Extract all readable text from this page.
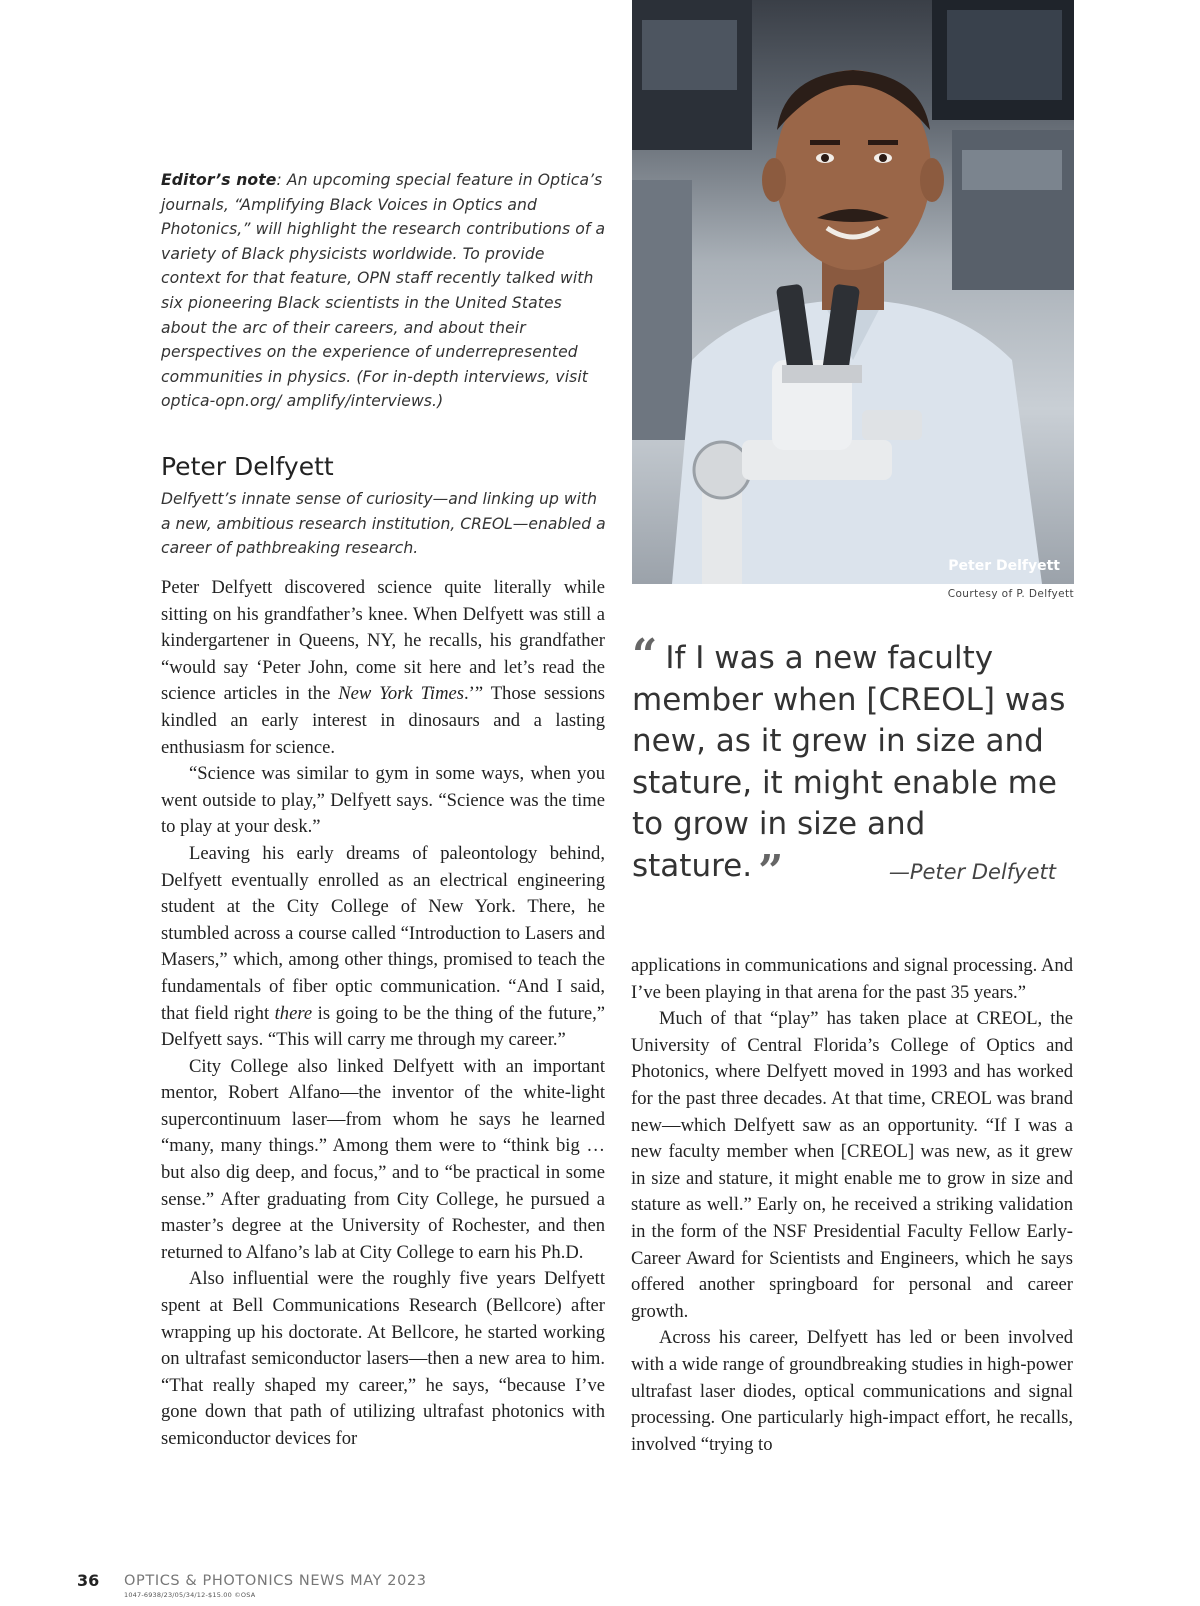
Editor’s note: An upcoming special feature in Optica’s journals, “Amplifying Black Voices in Optics and Photonics,” will highlight the research contributions of a variety of Black physicists worldwide. To provide context for that feature, OPN staff recently talked with six pioneering Black scientists in the United States about the arc of their careers, and about their perspectives on the experience of underrepresented communities in physics. (For in-depth interviews, visit optica-opn.org/ amplify/interviews.)
Peter Delfyett
Delfyett’s innate sense of curiosity—and linking up with a new, ambitious research institution, CREOL—enabled a career of pathbreaking research.

Peter Delfyett discovered science quite literally while sitting on his grandfather’s knee. When Delfyett was still a kindergartener in Queens, NY, he recalls, his grandfather “would say ‘Peter John, come sit here and let’s read the science articles in the New York Times.’” Those sessions kindled an early interest in dinosaurs and a lasting enthusiasm for science.

“Science was similar to gym in some ways, when you went outside to play,” Delfyett says. “Science was the time to play at your desk.”

Leaving his early dreams of paleontology behind, Delfyett eventually enrolled as an electrical engineering student at the City College of New York. There, he stumbled across a course called “Introduction to Lasers and Masers,” which, among other things, promised to teach the fundamentals of fiber optic communication. “And I said, that field right there is going to be the thing of the future,” Delfyett says. “This will carry me through my career.”

City College also linked Delfyett with an important mentor, Robert Alfano—the inventor of the white-light supercontinuum laser—from whom he says he learned “many, many things.” Among them were to “think big … but also dig deep, and focus,” and to “be practical in some sense.” After graduating from City College, he pursued a master’s degree at the University of Rochester, and then returned to Alfano’s lab at City College to earn his Ph.D.

Also influential were the roughly five years Delfyett spent at Bell Communications Research (Bellcore) after wrapping up his doctorate. At Bellcore, he started working on ultrafast semiconductor lasers—then a new area to him. “That really shaped my career,” he says, “because I’ve gone down that path of utilizing ultrafast photonics with semiconductor devices for

Peter Delfyett
Courtesy of P. Delfyett
“ If I was a new faculty member when [CREOL] was new, as it grew in size and stature, it might enable me to grow in size and stature. ”	—Peter Delfyett

applications in communications and signal processing. And I’ve been playing in that arena for the past 35 years.”

Much of that “play” has taken place at CREOL, the University of Central Florida’s College of Optics and Photonics, where Delfyett moved in 1993 and has worked for the past three decades. At that time, CREOL was brand new—which Delfyett saw as an opportunity. “If I was a new faculty member when [CREOL] was new, as it grew in size and stature, it might enable me to grow in size and stature as well.” Early on, he received a striking validation in the form of the NSF Presidential Faculty Fellow Early-Career Award for Scientists and Engineers, which he says offered another springboard for personal and career growth.

Across his career, Delfyett has led or been involved with a wide range of groundbreaking studies in high-power ultrafast laser diodes, optical communications and signal processing. One particularly high-impact effort, he recalls, involved “trying to

36 OPTICS & PHOTONICS NEWS MAY 2023
1047-6938/23/05/34/12-$15.00 ©OSA
